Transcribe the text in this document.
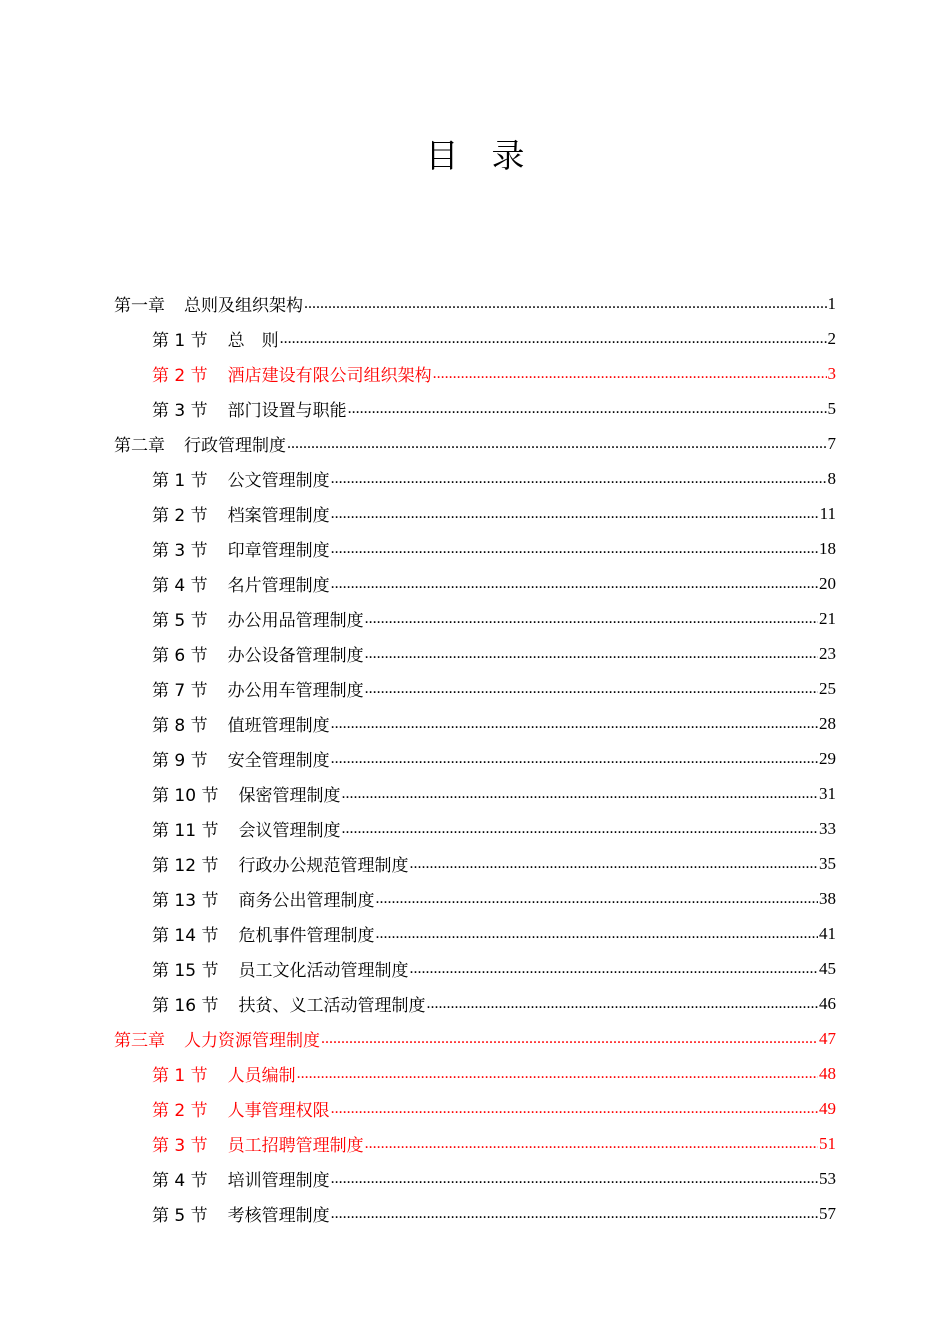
目　录
第一章 总则及组织架构 .....	1
第 1 节 总　则 .....	2
第 2 节 酒店建设有限公司组织架构 .....	3
第 3 节 部门设置与职能 .....	5
第二章 行政管理制度 .....	7
第 1 节 公文管理制度 .....	8
第 2 节 档案管理制度 .....	11
第 3 节 印章管理制度 .....	18
第 4 节 名片管理制度 .....	20
第 5 节 办公用品管理制度 .....	21
第 6 节 办公设备管理制度 .....	23
第 7 节 办公用车管理制度 .....	25
第 8 节 值班管理制度 .....	28
第 9 节 安全管理制度 .....	29
第 10 节 保密管理制度 .....	31
第 11 节 会议管理制度 .....	33
第 12 节 行政办公规范管理制度 .....	35
第 13 节 商务公出管理制度 .....	38
第 14 节 危机事件管理制度 .....	41
第 15 节 员工文化活动管理制度 .....	45
第 16 节 扶贫、义工活动管理制度 .....	46
第三章 人力资源管理制度 .....	47
第 1 节 人员编制 .....	48
第 2 节 人事管理权限 .....	49
第 3 节 员工招聘管理制度 .....	51
第 4 节 培训管理制度 .....	53
第 5 节 考核管理制度 .....	57
